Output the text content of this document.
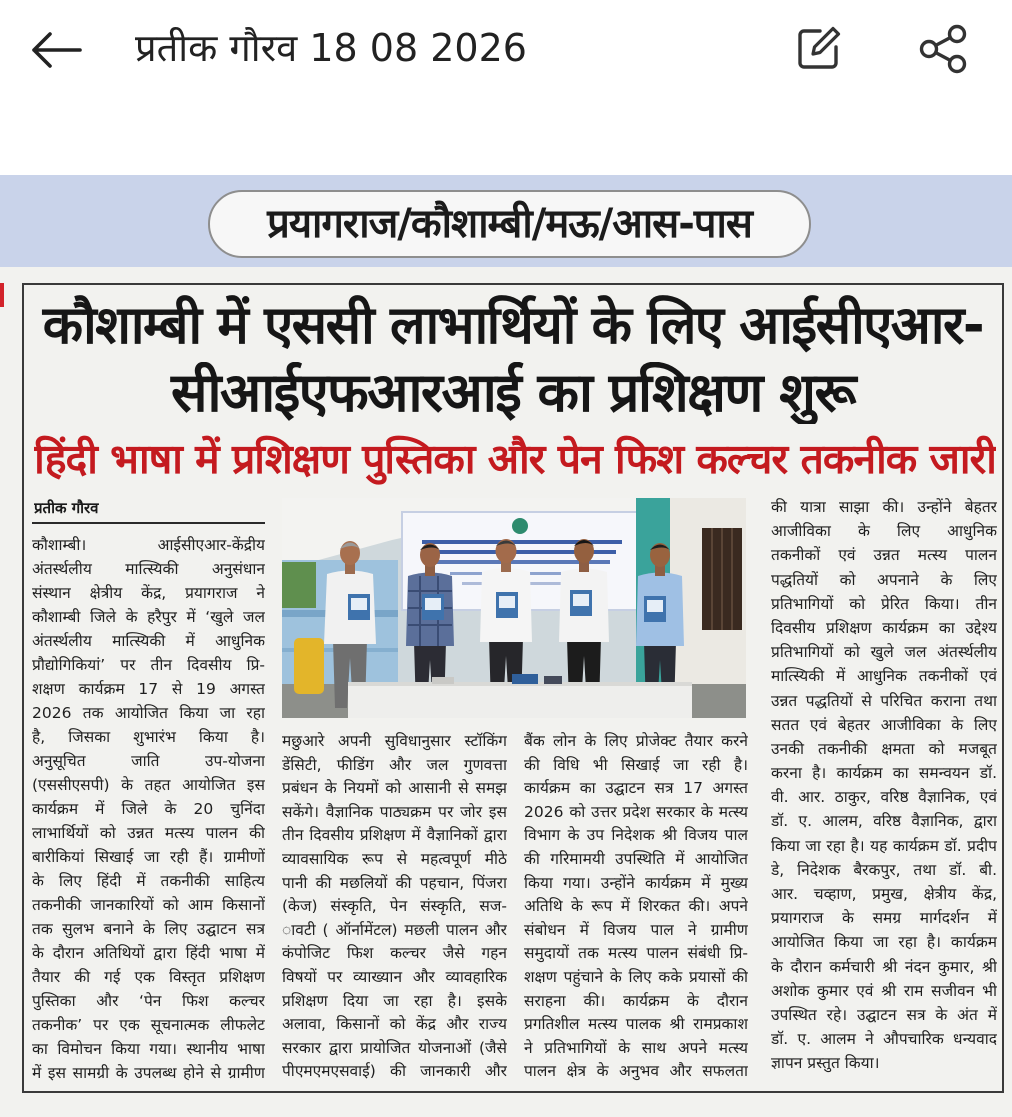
प्रतीक गौरव 18 08 2026
प्रयागराज/कौशाम्बी/मऊ/आस-पास
कौशाम्बी में एससी लाभार्थियों के लिए आईसीएआर-
सीआईएफआरआई का प्रशिक्षण शुरू
हिंदी भाषा में प्रशिक्षण पुस्तिका और पेन फिश कल्चर तकनीक जारी
प्रतीक गौरव
कौशाम्बी। आईसीएआर-केंद्रीय
अंतर्स्थलीय मात्स्यिकी अनुसंधान
संस्थान क्षेत्रीय केंद्र, प्रयागराज ने
कौशाम्बी जिले के हरैपुर में ‘खुले जल
अंतर्स्थलीय मात्स्यिकी में आधुनिक
प्रौद्योगिकियां’ पर तीन दिवसीय प्रि-
शक्षण कार्यक्रम 17 से 19 अगस्त
2026 तक आयोजित किया जा रहा
है, जिसका शुभारंभ किया है।
अनुसूचित जाति उप-योजना
(एससीएसपी) के तहत आयोजित इस
कार्यक्रम में जिले के 20 चुनिंदा
लाभार्थियों को उन्नत मत्स्य पालन की
बारीकियां सिखाई जा रही हैं। ग्रामीणों
के लिए हिंदी में तकनीकी साहित्य
तकनीकी जानकारियों को आम किसानों
तक सुलभ बनाने के लिए उद्घाटन सत्र
के दौरान अतिथियों द्वारा हिंदी भाषा में
तैयार की गई एक विस्तृत प्रशिक्षण
पुस्तिका और ‘पेन फिश कल्चर
तकनीक’ पर एक सूचनात्मक लीफलेट
का विमोचन किया गया। स्थानीय भाषा
में इस सामग्री के उपलब्ध होने से ग्रामीण
मछुआरे अपनी सुविधानुसार स्टॉकिंग
डेंसिटी, फीडिंग और जल गुणवत्ता
प्रबंधन के नियमों को आसानी से समझ
सकेंगे। वैज्ञानिक पाठ्यक्रम पर जोर इस
तीन दिवसीय प्रशिक्षण में वैज्ञानिकों द्वारा
व्यावसायिक रूप से महत्वपूर्ण मीठे
पानी की मछलियों की पहचान, पिंजरा
(केज) संस्कृति, पेन संस्कृति, सज-
ावटी ( ऑर्नामेंटल) मछली पालन और
कंपोजिट फिश कल्चर जैसे गहन
विषयों पर व्याख्यान और व्यावहारिक
प्रशिक्षण दिया जा रहा है। इसके
अलावा, किसानों को केंद्र और राज्य
सरकार द्वारा प्रायोजित योजनाओं (जैसे
पीएमएमएसवाई) की जानकारी और
बैंक लोन के लिए प्रोजेक्ट तैयार करने
की विधि भी सिखाई जा रही है।
कार्यक्रम का उद्घाटन सत्र 17 अगस्त
2026 को उत्तर प्रदेश सरकार के मत्स्य
विभाग के उप निदेशक श्री विजय पाल
की गरिमामयी उपस्थिति में आयोजित
किया गया। उन्होंने कार्यक्रम में मुख्य
अतिथि के रूप में शिरकत की। अपने
संबोधन में विजय पाल ने ग्रामीण
समुदायों तक मत्स्य पालन संबंधी प्रि-
शक्षण पहुंचाने के लिए कके प्रयासों की
सराहना की। कार्यक्रम के दौरान
प्रगतिशील मत्स्य पालक श्री रामप्रकाश
ने प्रतिभागियों के साथ अपने मत्स्य
पालन क्षेत्र के अनुभव और सफलता
की यात्रा साझा की। उन्होंने बेहतर
आजीविका के लिए आधुनिक
तकनीकों एवं उन्नत मत्स्य पालन
पद्धतियों को अपनाने के लिए
प्रतिभागियों को प्रेरित किया। तीन
दिवसीय प्रशिक्षण कार्यक्रम का उद्देश्य
प्रतिभागियों को खुले जल अंतर्स्थलीय
मात्स्यिकी में आधुनिक तकनीकों एवं
उन्नत पद्धतियों से परिचित कराना तथा
सतत एवं बेहतर आजीविका के लिए
उनकी तकनीकी क्षमता को मजबूत
करना है। कार्यक्रम का समन्वयन डॉ.
वी. आर. ठाकुर, वरिष्ठ वैज्ञानिक, एवं
डॉ. ए. आलम, वरिष्ठ वैज्ञानिक, द्वारा
किया जा रहा है। यह कार्यक्रम डॉ. प्रदीप
डे, निदेशक बैरकपुर, तथा डॉ. बी.
आर. चव्हाण, प्रमुख, क्षेत्रीय केंद्र,
प्रयागराज के समग्र मार्गदर्शन में
आयोजित किया जा रहा है। कार्यक्रम
के दौरान कर्मचारी श्री नंदन कुमार, श्री
अशोक कुमार एवं श्री राम सजीवन भी
उपस्थित रहे। उद्घाटन सत्र के अंत में
डॉ. ए. आलम ने औपचारिक धन्यवाद
ज्ञापन प्रस्तुत किया।
